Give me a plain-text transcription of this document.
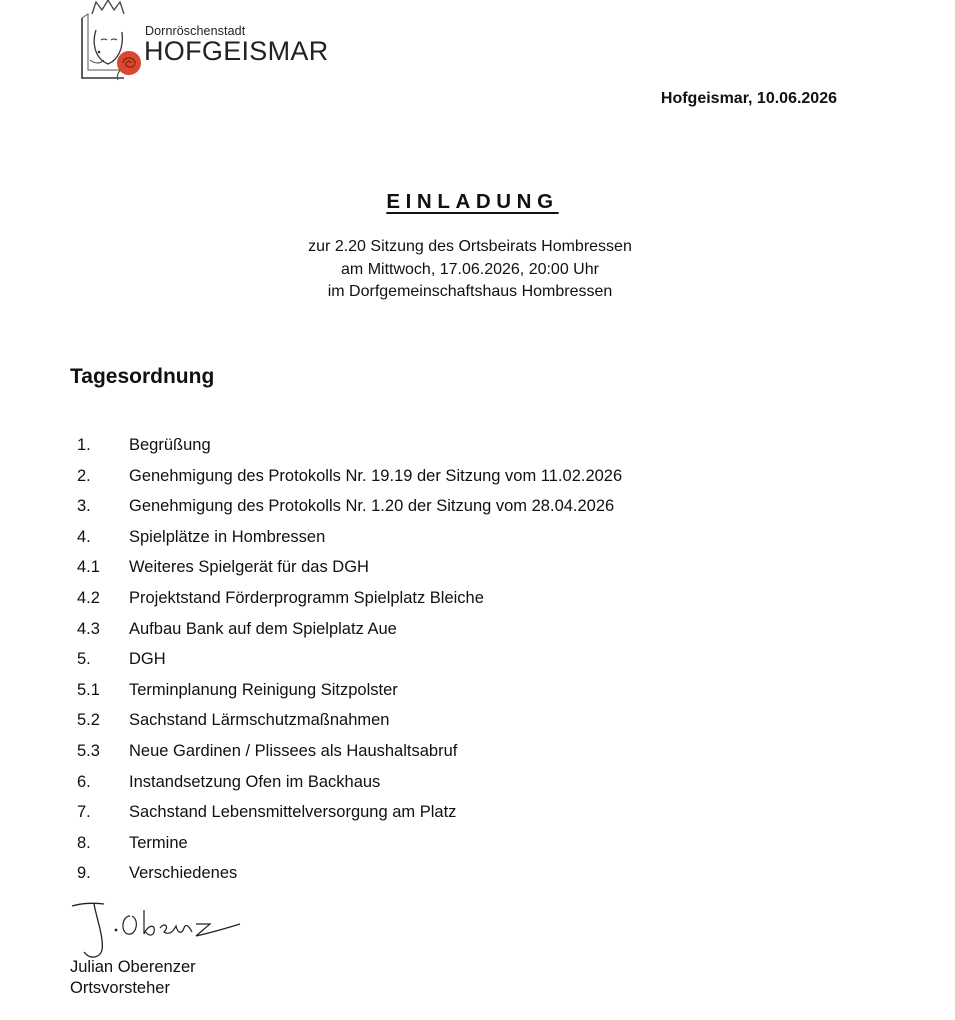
Dornröschenstadt
HOFGEISMAR
Hofgeismar, 10.06.2026
EINLADUNG
zur 2.20 Sitzung des Ortsbeirats Hombressen
am Mittwoch, 17.06.2026, 20:00 Uhr
im Dorfgemeinschaftshaus Hombressen
Tagesordnung
1. Begrüßung
2. Genehmigung des Protokolls Nr. 19.19 der Sitzung vom 11.02.2026
3. Genehmigung des Protokolls Nr. 1.20 der Sitzung vom 28.04.2026
4. Spielplätze in Hombressen
4.1 Weiteres Spielgerät für das DGH
4.2 Projektstand Förderprogramm Spielplatz Bleiche
4.3 Aufbau Bank auf dem Spielplatz Aue
5. DGH
5.1 Terminplanung Reinigung Sitzpolster
5.2 Sachstand Lärmschutzmaßnahmen
5.3 Neue Gardinen / Plissees als Haushaltsabruf
6. Instandsetzung Ofen im Backhaus
7. Sachstand Lebensmittelversorgung am Platz
8. Termine
9. Verschiedenes
Julian Oberenzer
Ortsvorsteher
